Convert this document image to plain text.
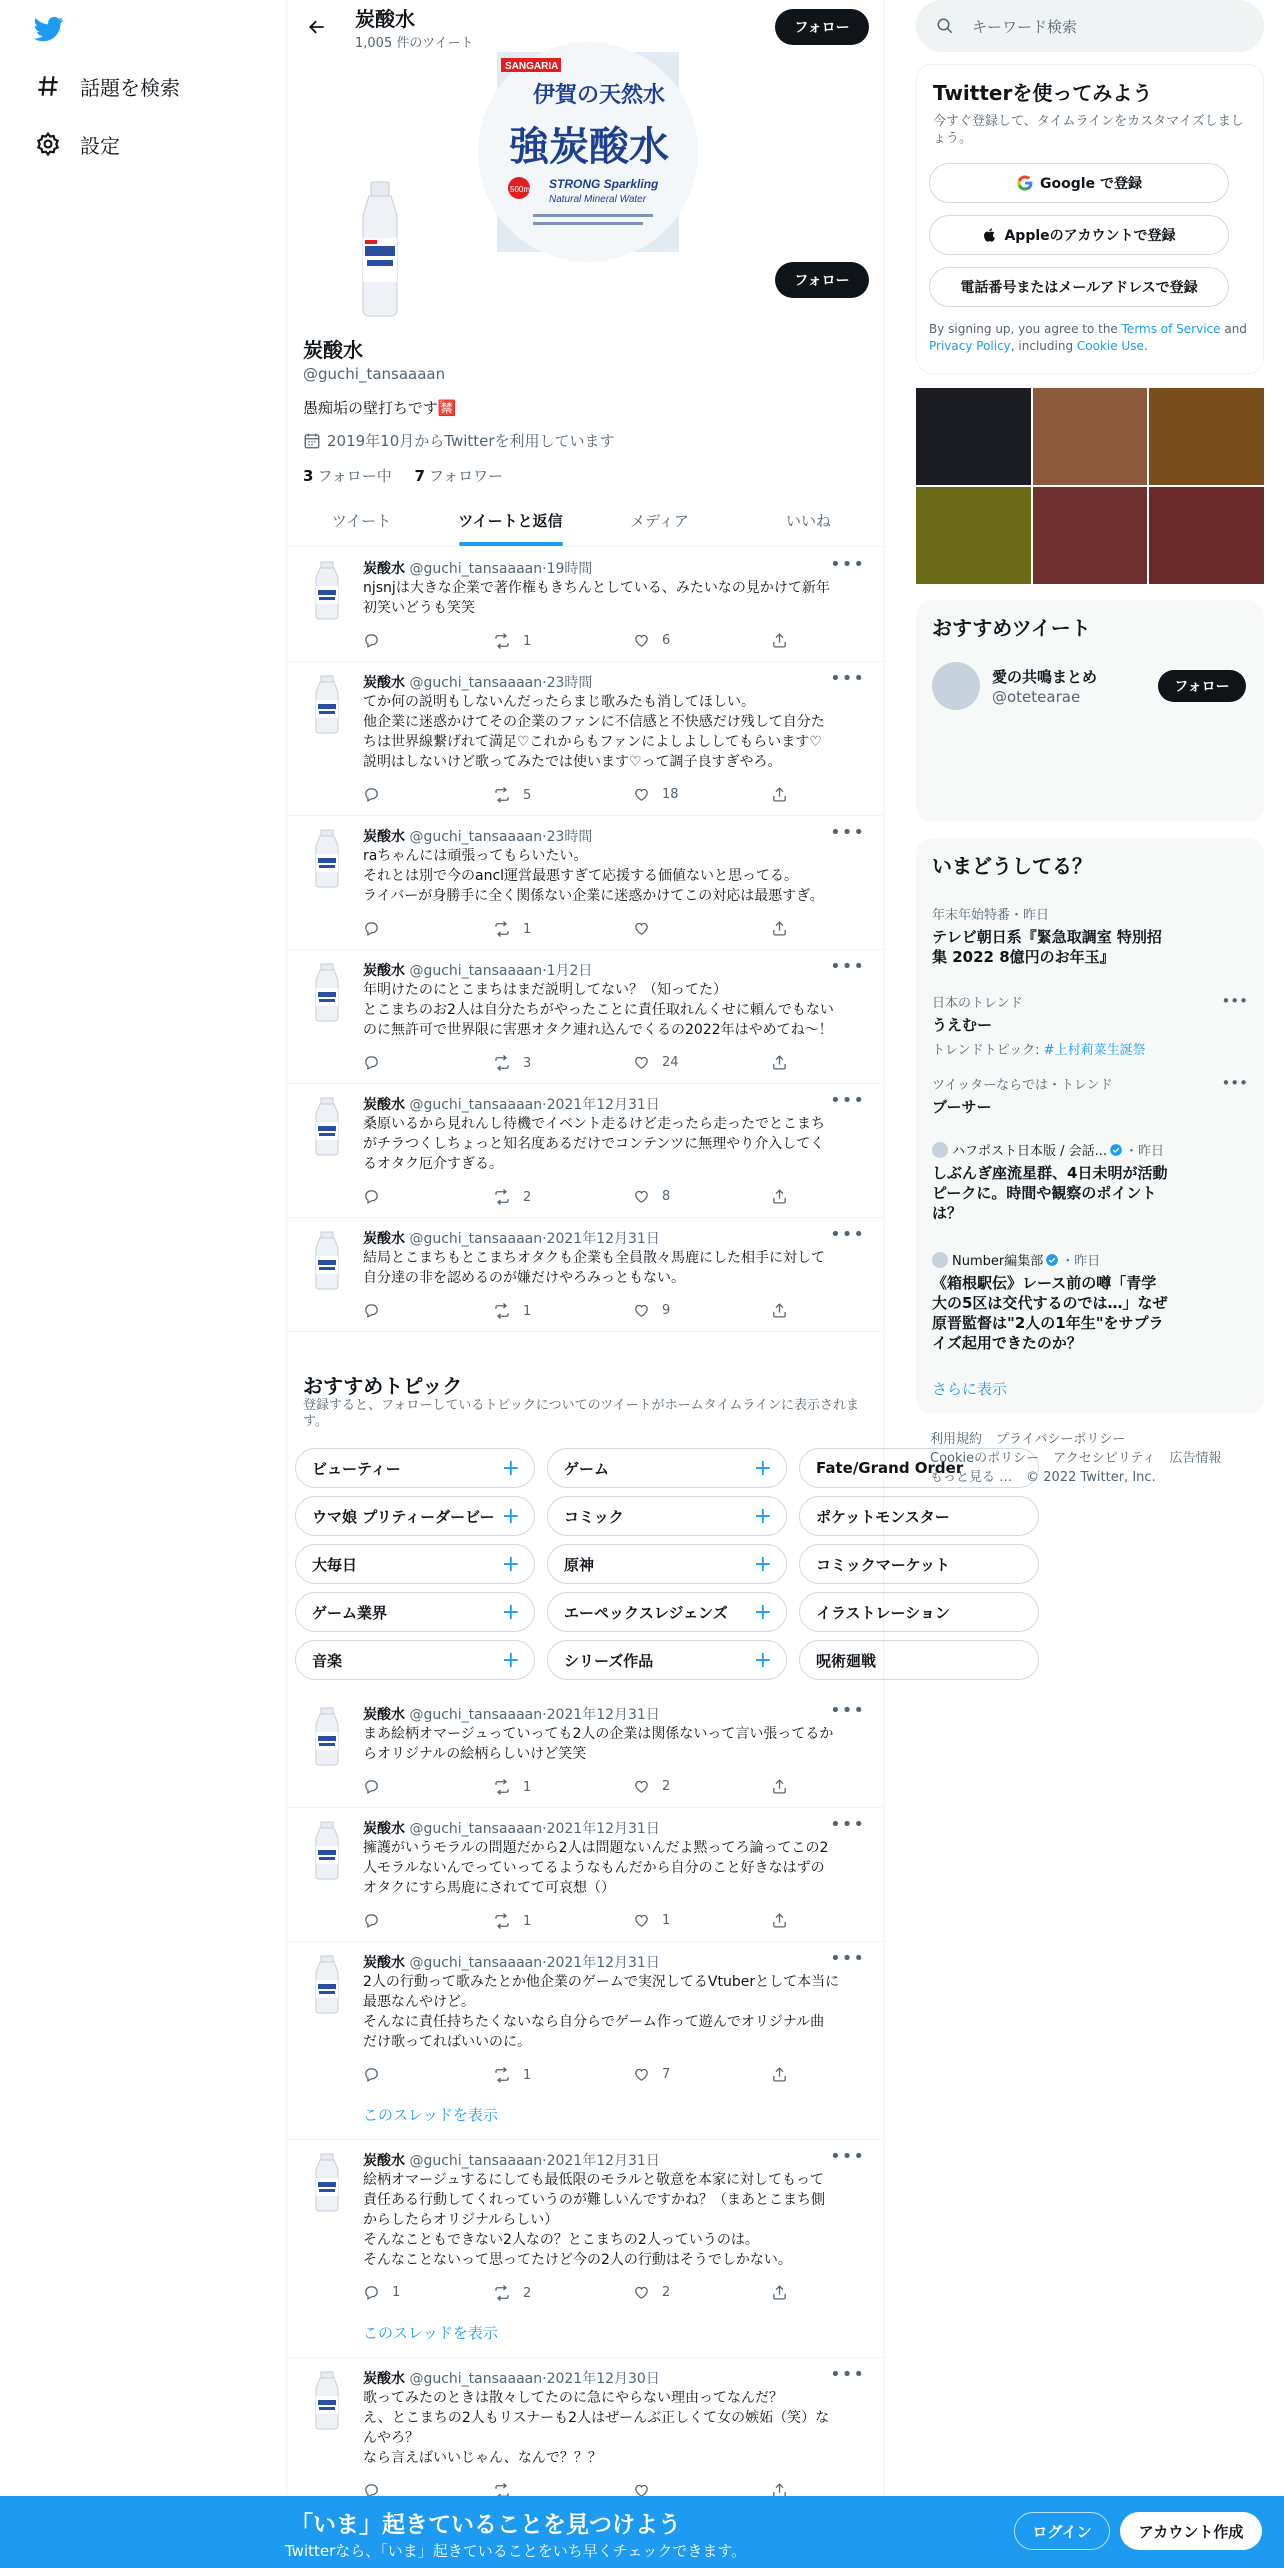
話題を検索
設定
炭酸水
1,005 件のツイート
フォロー
SANGARIA
伊賀の天然水
強炭酸水
500ml STRONG Sparkling
Natural Mineral Water
フォロー
炭酸水
@guchi_tansaaaan
愚痴垢の壁打ちです🈲
2019年10月からTwitterを利用しています
3 フォロー中 7 フォロワー
ツイート	ツイートと返信	メディア	いいね
炭酸水 @guchi_tansaaaan·19時間	•••
njsnjは大きな企業で著作権もきちんとしている、みたいなの見かけて新年
初笑いどうも笑笑
1	6
炭酸水 @guchi_tansaaaan·23時間	•••
てか何の説明もしないんだったらまじ歌みたも消してほしい。
他企業に迷惑かけてその企業のファンに不信感と不快感だけ残して自分た
ちは世界線繋げれて満足♡これからもファンによしよししてもらいます♡
説明はしないけど歌ってみたでは使います♡って調子良すぎやろ。
5	18
炭酸水 @guchi_tansaaaan·23時間	•••
raちゃんには頑張ってもらいたい。
それとは別で今のancl運営最悪すぎて応援する価値ないと思ってる。
ライバーが身勝手に全く関係ない企業に迷惑かけてこの対応は最悪すぎ。
1
炭酸水 @guchi_tansaaaan·1月2日	•••
年明けたのにとこまちはまだ説明してない？（知ってた）
とこまちのお2人は自分たちがやったことに責任取れんくせに頼んでもない
のに無許可で世界限に害悪オタク連れ込んでくるの2022年はやめてね〜！
3	24
炭酸水 @guchi_tansaaaan·2021年12月31日	•••
桑原いるから見れんし待機でイベント走るけど走ったら走ったでとこまち
がチラつくしちょっと知名度あるだけでコンテンツに無理やり介入してく
るオタク厄介すぎる。
2	8
炭酸水 @guchi_tansaaaan·2021年12月31日	•••
結局とこまちもとこまちオタクも企業も全員散々馬鹿にした相手に対して
自分達の非を認めるのが嫌だけやろみっともない。
1	9
おすすめトピック
登録すると、フォローしているトピックについてのツイートがホームタイムラインに表示されま
す。
ビューティー	+	ゲーム	+	Fate/Grand Order
ウマ娘 プリティーダービー +	コミック	+	ポケットモンスター
大毎日	+	原神	+	コミックマーケット
ゲーム業界	+	エーペックスレジェンズ +	イラストレーション
音楽	+	シリーズ作品	+	呪術廻戦
炭酸水 @guchi_tansaaaan·2021年12月31日	•••
まあ絵柄オマージュっていっても2人の企業は関係ないって言い張ってるか
らオリジナルの絵柄らしいけど笑笑
1	2
炭酸水 @guchi_tansaaaan·2021年12月31日	•••
擁護がいうモラルの問題だから2人は問題ないんだよ黙ってろ論ってこの2
人モラルないんでっていってるようなもんだから自分のこと好きなはずの
オタクにすら馬鹿にされてて可哀想（）
1	1
炭酸水 @guchi_tansaaaan·2021年12月31日	•••
2人の行動って歌みたとか他企業のゲームで実況してるVtuberとして本当に
最悪なんやけど。
そんなに責任持ちたくないなら自分らでゲーム作って遊んでオリジナル曲
だけ歌ってればいいのに。
1	7
このスレッドを表示
炭酸水 @guchi_tansaaaan·2021年12月31日	•••
絵柄オマージュするにしても最低限のモラルと敬意を本家に対してもって
責任ある行動してくれっていうのが難しいんですかね？（まあとこまち側
からしたらオリジナルらしい）
そんなこともできない2人なの？とこまちの2人っていうのは。
そんなことないって思ってたけど今の2人の行動はそうでしかない。
1	2	2
このスレッドを表示
炭酸水 @guchi_tansaaaan·2021年12月30日	•••
歌ってみたのときは散々してたのに急にやらない理由ってなんだ？
え、とこまちの2人もリスナーも2人はぜーんぶ正しくて女の嫉妬（笑）な
んやろ？
なら言えばいいじゃん、なんで？？？
キーワード検索
Twitterを使ってみよう
今すぐ登録して、タイムラインをカスタマイズしましょう。
Google で登録
Appleのアカウントで登録
電話番号またはメールアドレスで登録
By signing up, you agree to the Terms of Service and Privacy Policy, including Cookie Use.
おすすめツイート
愛の共鳴まとめ
@otetearae
フォロー
いまどうしてる？
年末年始特番・昨日
テレビ朝日系『緊急取調室 特別招
集 2022 8億円のお年玉』
日本のトレンド
うえむー
トレンドトピック: #上村莉菜生誕祭
•••
ツイッターならでは・トレンド
ブーサー
•••
ハフポスト日本版 / 会話... ・昨日
しぶんぎ座流星群、4日未明が活動
ピークに。時間や観察のポイント
は？
Number編集部 ・昨日
《箱根駅伝》レース前の噂「青学
大の5区は交代するのでは…」なぜ
原晋監督は"2人の1年生"をサプラ
イズ起用できたのか？
さらに表示
利用規約 プライバシーポリシー
Cookieのポリシー アクセシビリティ 広告情報
もっと見る … © 2022 Twitter, Inc.
「いま」起きていることを見つけよう
Twitterなら、「いま」起きていることをいち早くチェックできます。
ログイン	アカウント作成
